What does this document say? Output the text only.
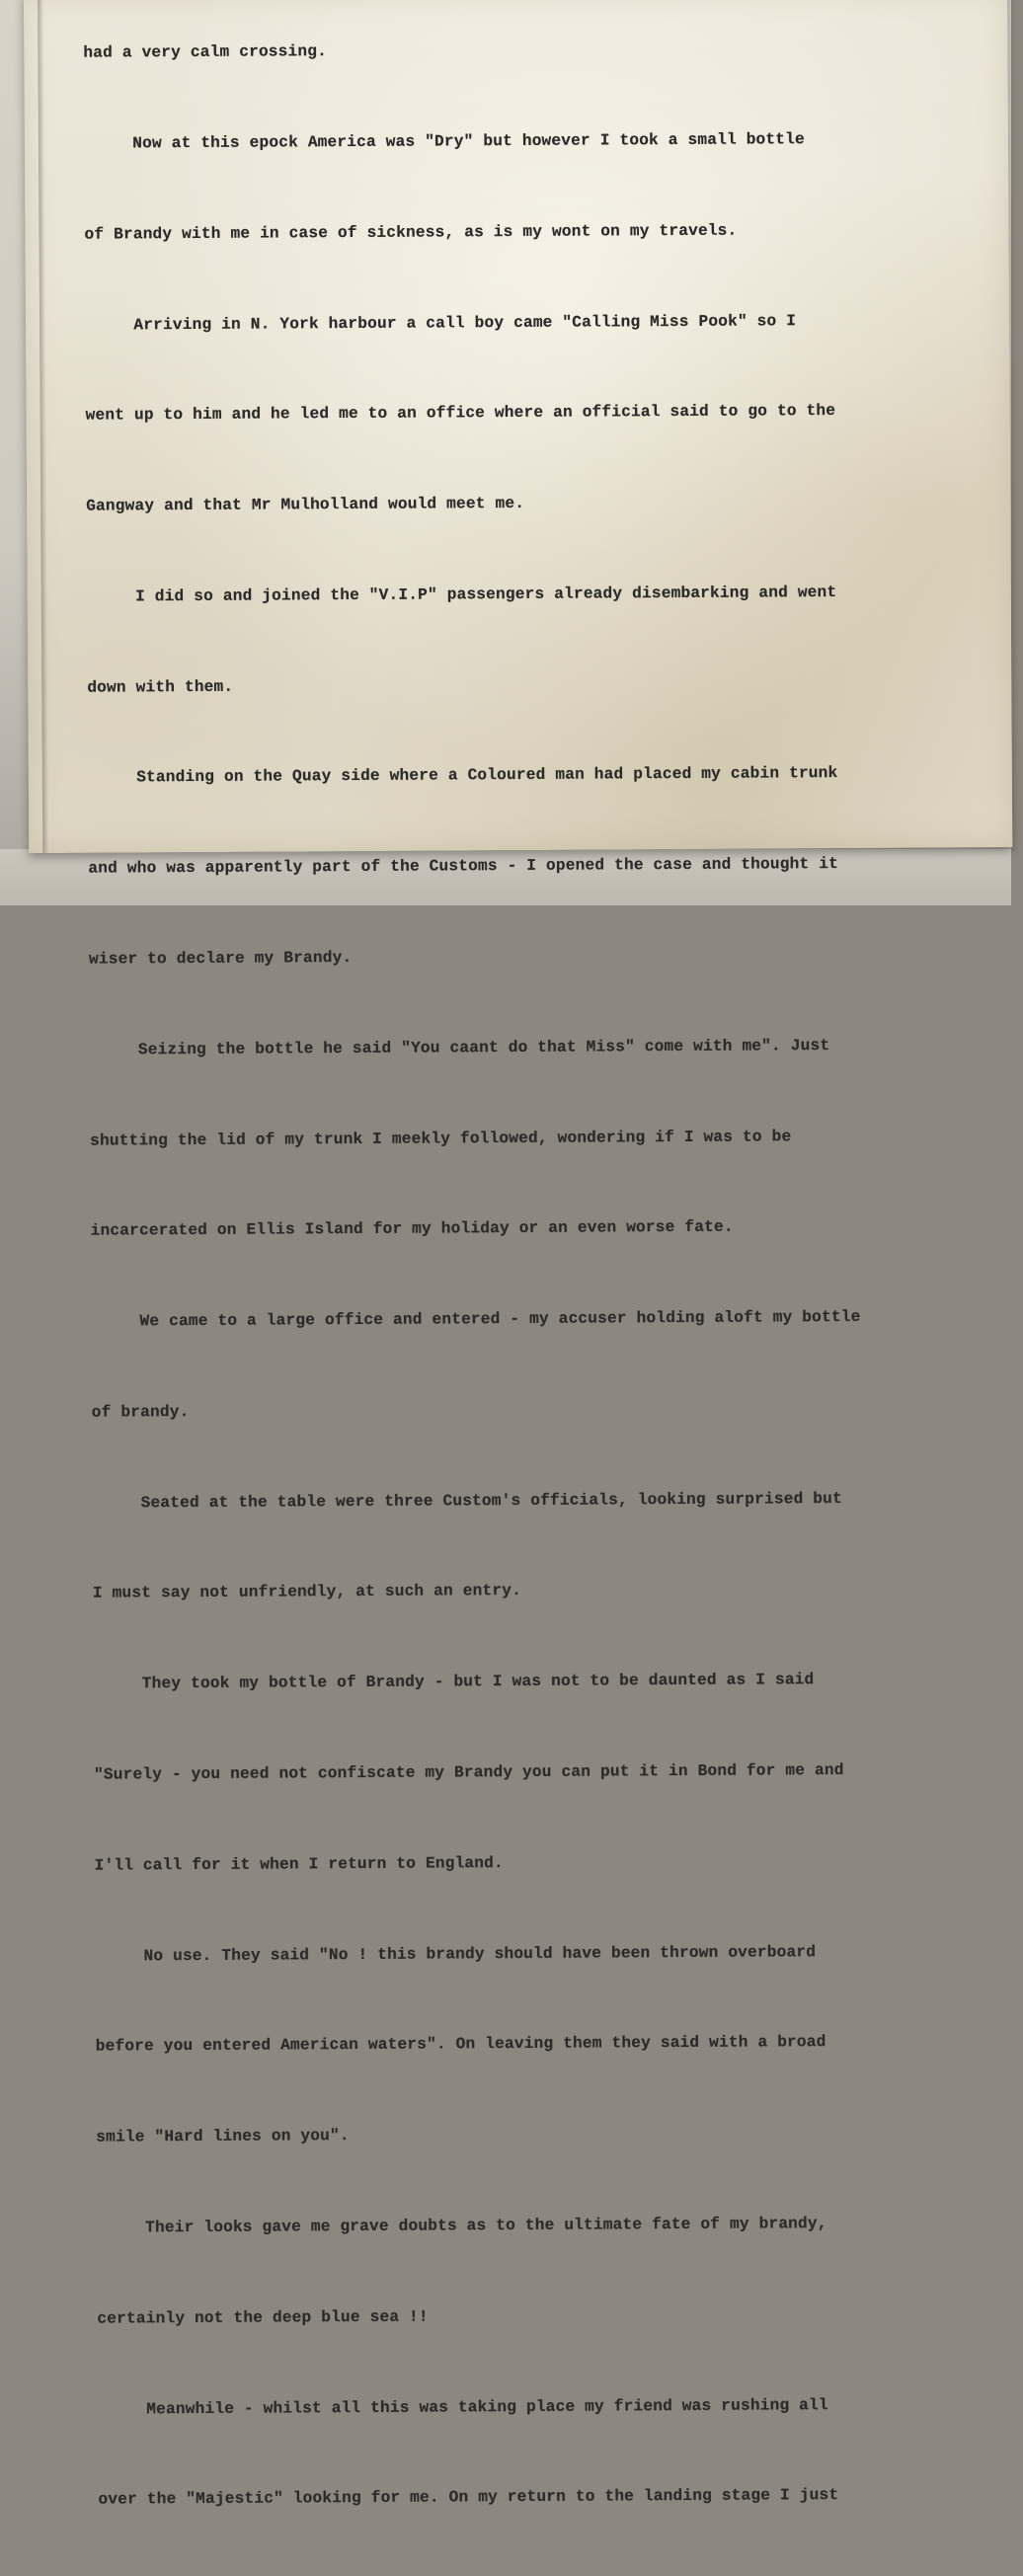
had a very calm crossing.

Now at this epock America was "Dry" but however I took a small bottle

of Brandy with me in case of sickness, as is my wont on my travels.

Arriving in N. York harbour a call boy came "Calling Miss Pook" so I

went up to him and he led me to an office where an official said to go to the

Gangway and that Mr Mulholland would meet me.

I did so and joined the "V.I.P" passengers already disembarking and went

down with them.

Standing on the Quay side where a Coloured man had placed my cabin trunk

and who was apparently part of the Customs - I opened the case and thought it

wiser to declare my Brandy.

Seizing the bottle he said "You caant do that Miss" come with me". Just

shutting the lid of my trunk I meekly followed, wondering if I was to be

incarcerated on Ellis Island for my holiday or an even worse fate.

We came to a large office and entered - my accuser holding aloft my bottle

of brandy.

Seated at the table were three Custom's officials, looking surprised but

I must say not unfriendly, at such an entry.

They took my bottle of Brandy - but I was not to be daunted as I said

"Surely - you need not confiscate my Brandy you can put it in Bond for me and

I'll call for it when I return to England.

No use. They said "No ! this brandy should have been thrown overboard

before you entered American waters". On leaving them they said with a broad

smile "Hard lines on you".

Their looks gave me grave doubts as to the ultimate fate of my brandy,

certainly not the deep blue sea !!

Meanwhile - whilst all this was taking place my friend was rushing all

over the "Majestic" looking for me. On my return to the landing stage I just
